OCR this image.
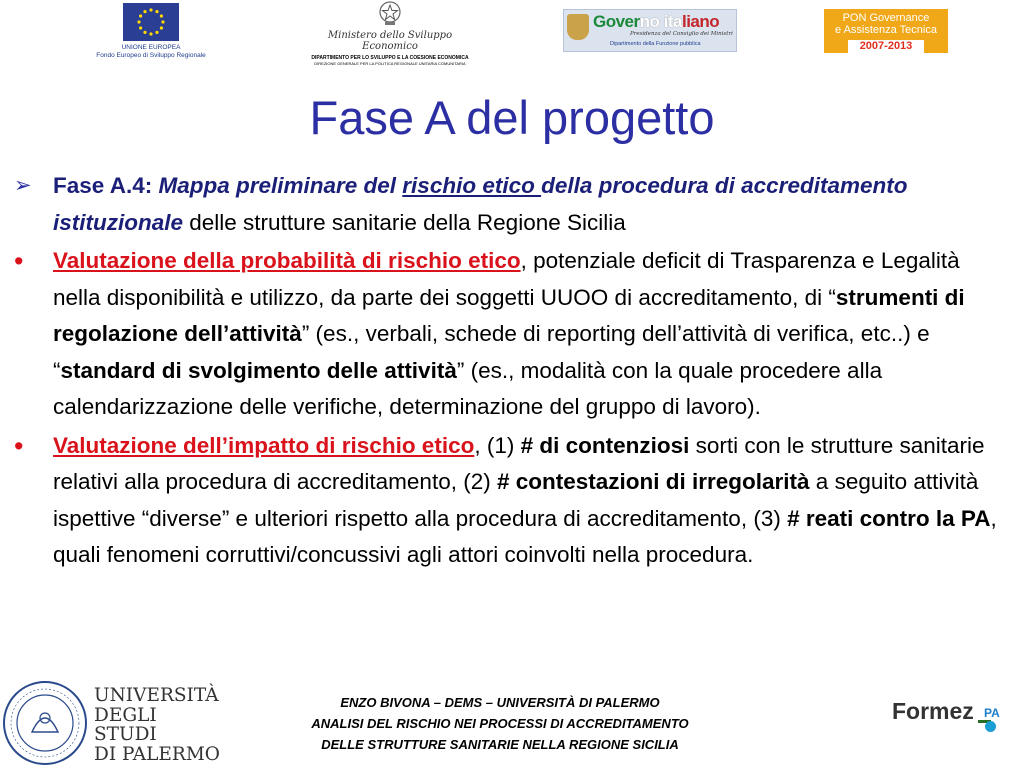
UNIONE EUROPEA
Fondo Europeo di Sviluppo Regionale
Ministero dello Sviluppo Economico
DIPARTIMENTO PER LO SVILUPPO E LA COESIONE ECONOMICA
DIREZIONE GENERALE PER LA POLITICA REGIONALE UNITARIA COMUNITARIA
Governo italiano
Presidenza del Consiglio dei Ministri
Dipartimento della Funzione pubblica
PON Governance
e Assistenza Tecnica
2007-2013
Fase A del progetto
➢ Fase A.4: Mappa preliminare del rischio etico della procedura di accreditamento istituzionale delle strutture sanitarie della Regione Sicilia
•	Valutazione della probabilità di rischio etico, potenziale deficit di Trasparenza e Legalità nella disponibilità e utilizzo, da parte dei soggetti UUOO di accreditamento, di “strumenti di regolazione dell’attività” (es., verbali, schede di reporting dell’attività di verifica, etc..) e “standard di svolgimento delle attività” (es., modalità con la quale procedere alla calendarizzazione delle verifiche, determinazione del gruppo di lavoro).
•	Valutazione dell’impatto di rischio etico, (1) # di contenziosi sorti con le strutture sanitarie relativi alla procedura di accreditamento, (2) # contestazioni di irregolarità a seguito attività ispettive “diverse” e ulteriori rispetto alla procedura di accreditamento, (3) # reati contro la PA, quali fenomeni corruttivi/concussivi agli attori coinvolti nella procedura.
UNIVERSITÀ
DEGLI STUDI
DI PALERMO
ENZO BIVONA – DEMS – UNIVERSITÀ DI PALERMO
ANALISI DEL RISCHIO NEI PROCESSI DI ACCREDITAMENTO
DELLE STRUTTURE SANITARIE NELLA REGIONE SICILIA
Formez PA
